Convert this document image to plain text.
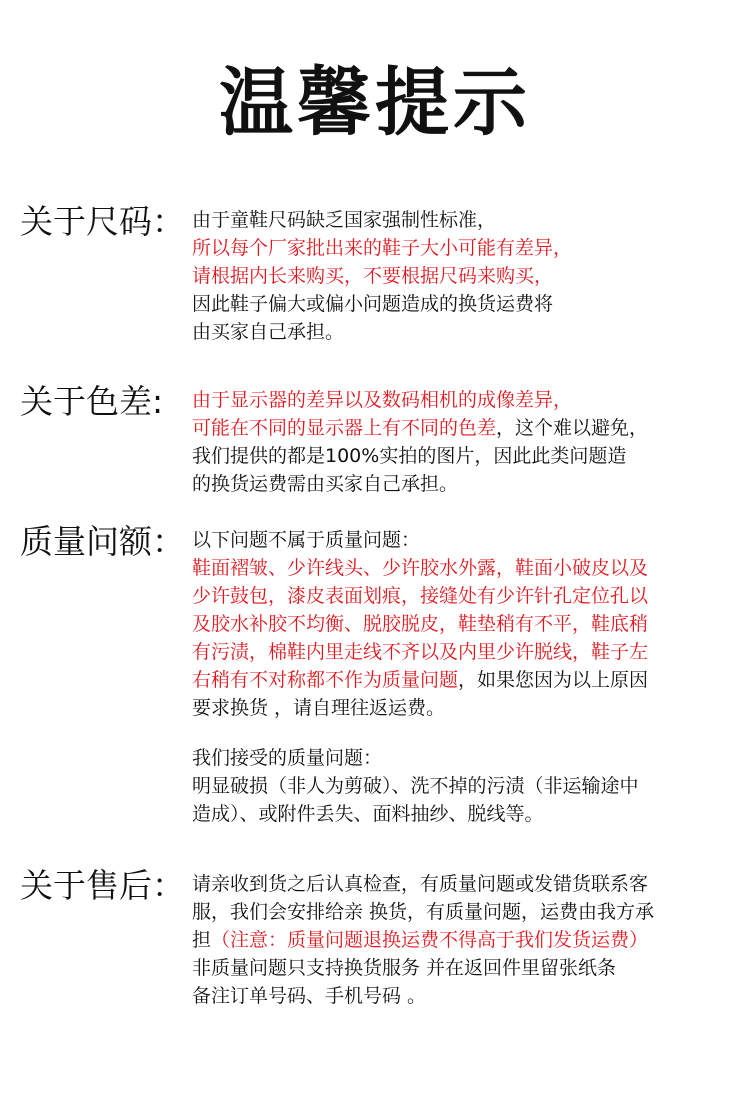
温馨提示
关于尺码： 由于童鞋尺码缺乏国家强制性标准，
所以每个厂家批出来的鞋子大小可能有差异，
请根据内长来购买，不要根据尺码来购买，
因此鞋子偏大或偏小问题造成的换货运费将
由买家自己承担。
关于色差: 由于显示器的差异以及数码相机的成像差异，
可能在不同的显示器上有不同的色差，这个难以避免，
我们提供的都是100%实拍的图片，因此此类问题造
的换货运费需由买家自己承担。
质量问额： 以下问题不属于质量问题：
鞋面褶皱、少许线头、少许胶水外露，鞋面小破皮以及
少许鼓包，漆皮表面划痕，接缝处有少许针孔定位孔以
及胶水补胶不均衡、脱胶脱皮，鞋垫稍有不平，鞋底稍
有污渍，棉鞋内里走线不齐以及内里少许脱线，鞋子左
右稍有不对称都不作为质量问题，如果您因为以上原因
要求换货 ，请自理往返运费。
我们接受的质量问题：
明显破损（非人为剪破）、洗不掉的污渍（非运输途中
造成）、或附件丢失、面料抽纱、脱线等。
关于售后： 请亲收到货之后认真检查，有质量问题或发错货联系客
服，我们会安排给亲 换货，有质量问题，运费由我方承
担（注意：质量问题退换运费不得高于我们发货运费）
非质量问题只支持换货服务 并在返回件里留张纸条
备注订单号码、手机号码 。
